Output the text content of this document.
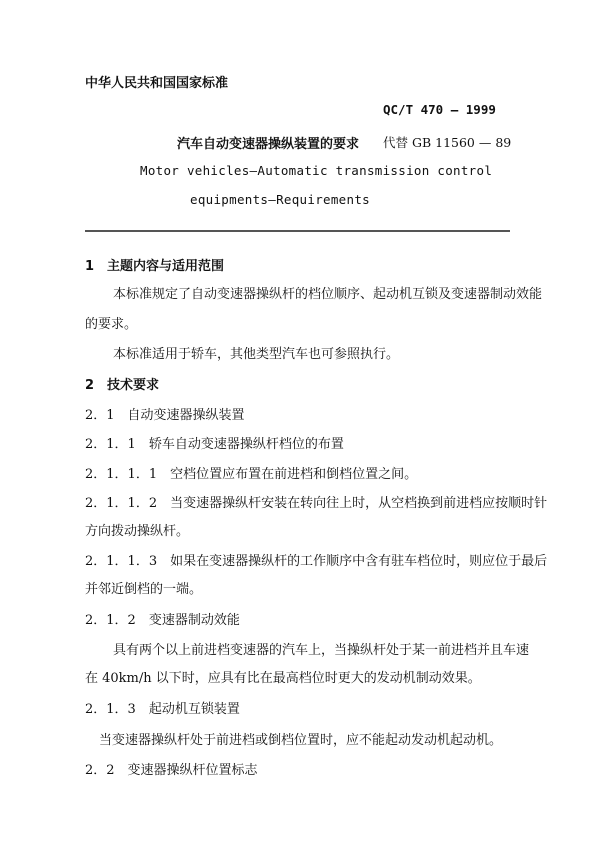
中华人民共和国国家标准
QC/T 470 — 1999
汽车自动变速器操纵装置的要求 代替 GB 11560 — 89
Motor vehicles—Automatic transmission control
equipments—Requirements
1　主题内容与适用范围
本标准规定了自动变速器操纵杆的档位顺序、起动机互锁及变速器制动效能
的要求。
本标准适用于轿车，其他类型汽车也可参照执行。
2　技术要求
2．1　自动变速器操纵装置
2．1．1　轿车自动变速器操纵杆档位的布置
2．1．1．1　空档位置应布置在前进档和倒档位置之间。
2．1．1．2　当变速器操纵杆安装在转向往上时，从空档换到前进档应按顺时针
方向拨动操纵杆。
2．1．1．3　如果在变速器操纵杆的工作顺序中含有驻车档位时，则应位于最后
并邻近倒档的一端。
2．1．2　变速器制动效能
具有两个以上前进档变速器的汽车上，当操纵杆处于某一前进档并且车速
在 40km/h 以下时，应具有比在最高档位时更大的发动机制动效果。
2．1．3　起动机互锁装置
当变速器操纵杆处于前进档或倒档位置时，应不能起动发动机起动机。
2．2　变速器操纵杆位置标志
